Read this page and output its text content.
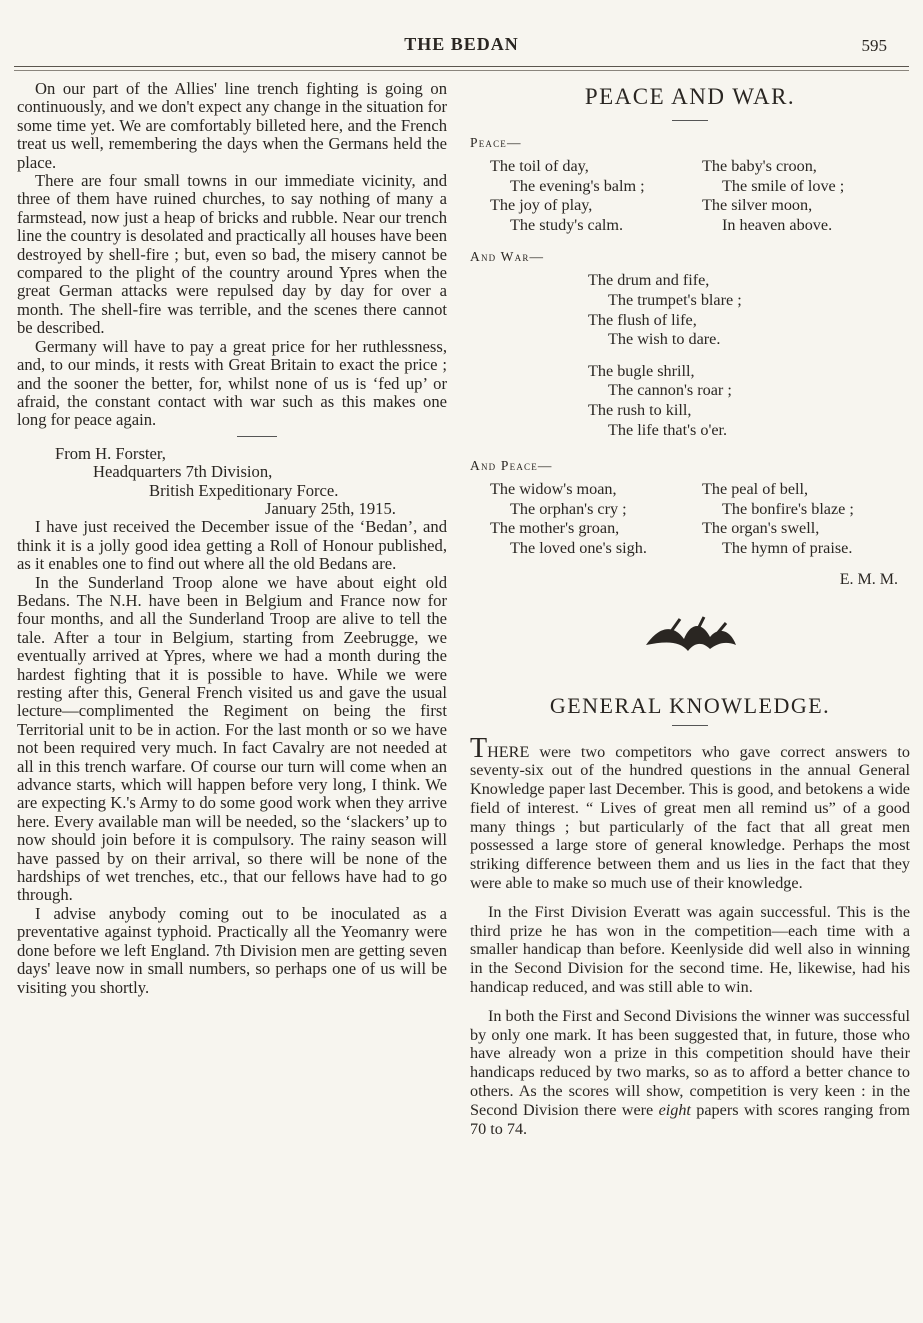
THE BEDAN	595

On our part of the Allies' line trench fighting is going on continuously, and we don't expect any change in the situation for some time yet. We are comfortably billeted here, and the French treat us well, remembering the days when the Germans held the place.

There are four small towns in our immediate vicinity, and three of them have ruined churches, to say nothing of many a farmstead, now just a heap of bricks and rubble. Near our trench line the country is desolated and practically all houses have been destroyed by shell-fire ; but, even so bad, the misery cannot be compared to the plight of the country around Ypres when the great German attacks were repulsed day by day for over a month. The shell-fire was terrible, and the scenes there cannot be described.

Germany will have to pay a great price for her ruthlessness, and, to our minds, it rests with Great Britain to exact the price ; and the sooner the better, for, whilst none of us is ‘fed up’ or afraid, the constant contact with war such as this makes one long for peace again.

From H. Forster,
Headquarters 7th Division,
British Expeditionary Force.
January 25th, 1915.

I have just received the December issue of the ‘Bedan’, and think it is a jolly good idea getting a Roll of Honour published, as it enables one to find out where all the old Bedans are.

In the Sunderland Troop alone we have about eight old Bedans. The N.H. have been in Belgium and France now for four months, and all the Sunderland Troop are alive to tell the tale. After a tour in Belgium, starting from Zeebrugge, we eventually arrived at Ypres, where we had a month during the hardest fighting that it is possible to have. While we were resting after this, General French visited us and gave the usual lecture—complimented the Regiment on being the first Territorial unit to be in action. For the last month or so we have not been required very much. In fact Cavalry are not needed at all in this trench warfare. Of course our turn will come when an advance starts, which will happen before very long, I think. We are expecting K.'s Army to do some good work when they arrive here. Every available man will be needed, so the ‘slackers’ up to now should join before it is compulsory. The rainy season will have passed by on their arrival, so there will be none of the hardships of wet trenches, etc., that our fellows have had to go through.

I advise anybody coming out to be inoculated as a preventative against typhoid. Practically all the Yeomanry were done before we left England. 7th Division men are getting seven days' leave now in small numbers, so perhaps one of us will be visiting you shortly.

PEACE AND WAR.
Peace—
The toil of day,	The baby's croon,
The evening's balm ;	The smile of love ;
The joy of play,	The silver moon,
The study's calm.	In heaven above.
And War—
The drum and fife,
The trumpet's blare ;
The flush of life,
The wish to dare.
The bugle shrill,
The cannon's roar ;
The rush to kill,
The life that's o'er.
And Peace—
The widow's moan,	The peal of bell,
The orphan's cry ;	The bonfire's blaze ;
The mother's groan,	The organ's swell,
The loved one's sigh.	The hymn of praise.
E. M. M.
GENERAL KNOWLEDGE.

THERE were two competitors who gave correct answers to seventy-six out of the hundred questions in the annual General Knowledge paper last December. This is good, and betokens a wide field of interest. “ Lives of great men all remind us” of a good many things ; but particularly of the fact that all great men possessed a large store of general knowledge. Perhaps the most striking difference between them and us lies in the fact that they were able to make so much use of their knowledge.

In the First Division Everatt was again successful. This is the third prize he has won in the competition—each time with a smaller handicap than before. Keenlyside did well also in winning in the Second Division for the second time. He, likewise, had his handicap reduced, and was still able to win.

In both the First and Second Divisions the winner was successful by only one mark. It has been suggested that, in future, those who have already won a prize in this competition should have their handicaps reduced by two marks, so as to afford a better chance to others. As the scores will show, competition is very keen : in the Second Division there were eight papers with scores ranging from 70 to 74.
